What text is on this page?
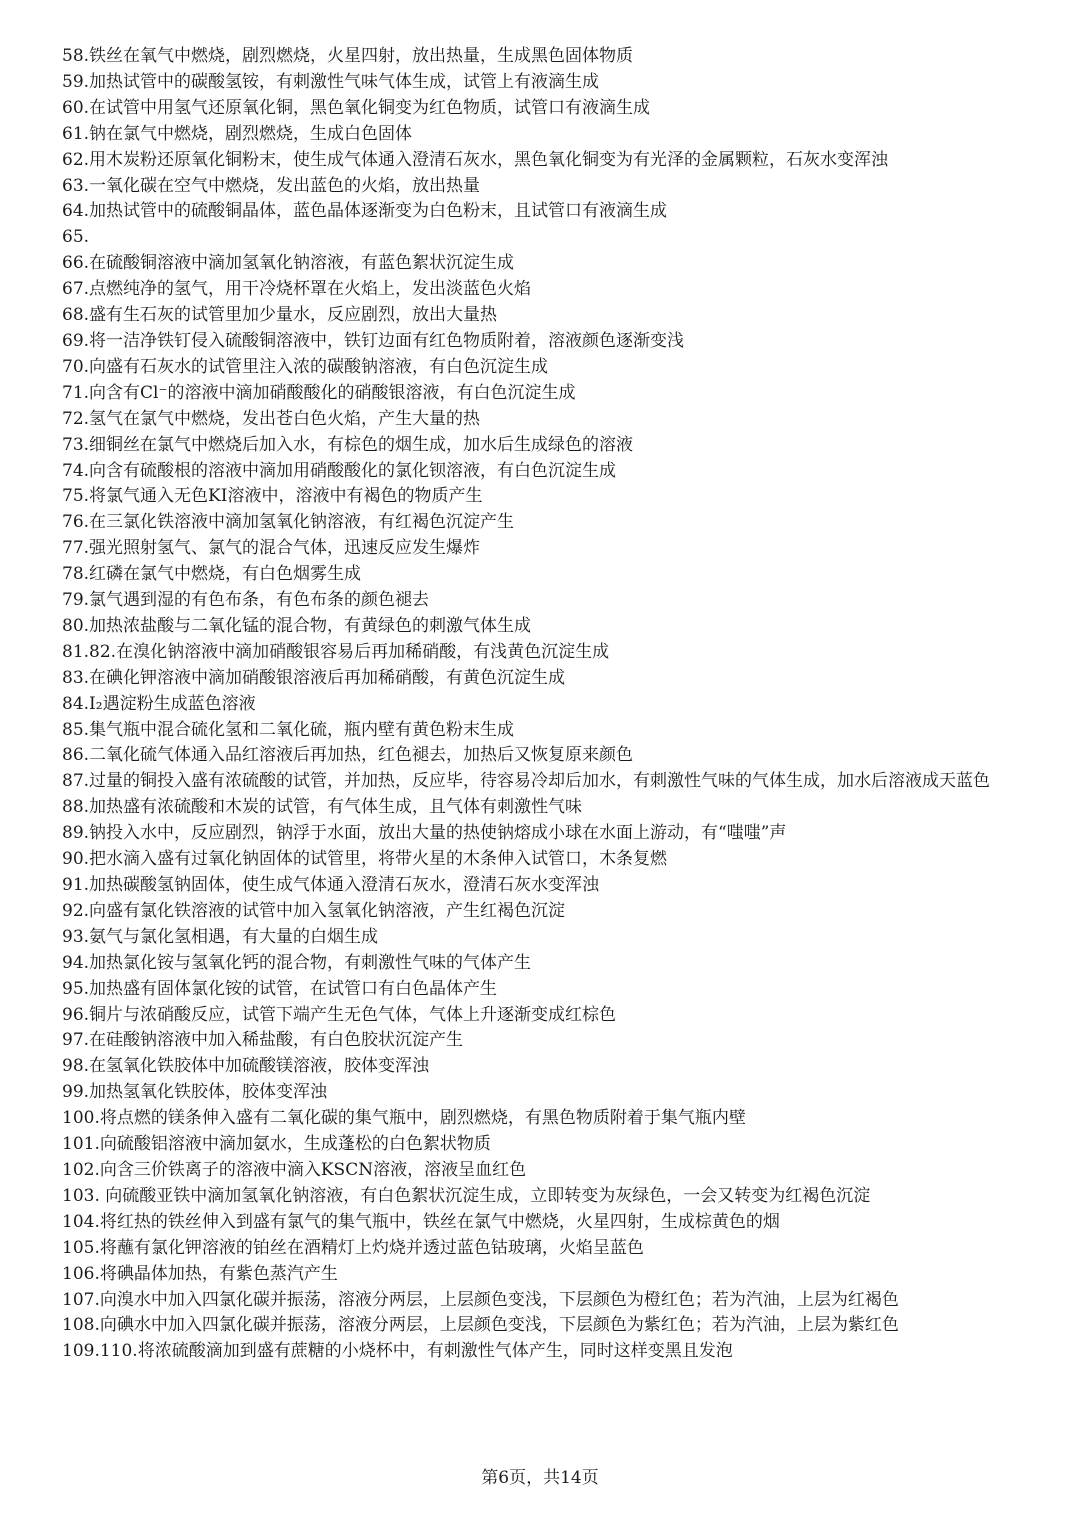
58.铁丝在氧气中燃烧，剧烈燃烧，火星四射，放出热量，生成黑色固体物质
59.加热试管中的碳酸氢铵，有刺激性气味气体生成，试管上有液滴生成
60.在试管中用氢气还原氧化铜，黑色氧化铜变为红色物质，试管口有液滴生成
61.钠在氯气中燃烧，剧烈燃烧，生成白色固体
62.用木炭粉还原氧化铜粉末，使生成气体通入澄清石灰水，黑色氧化铜变为有光泽的金属颗粒，石灰水变浑浊
63.一氧化碳在空气中燃烧，发出蓝色的火焰，放出热量
64.加热试管中的硫酸铜晶体，蓝色晶体逐渐变为白色粉末，且试管口有液滴生成
65.
66.在硫酸铜溶液中滴加氢氧化钠溶液，有蓝色絮状沉淀生成
67.点燃纯净的氢气，用干冷烧杯罩在火焰上，发出淡蓝色火焰
68.盛有生石灰的试管里加少量水，反应剧烈，放出大量热
69.将一洁净铁钉侵入硫酸铜溶液中，铁钉边面有红色物质附着，溶液颜色逐渐变浅
70.向盛有石灰水的试管里注入浓的碳酸钠溶液，有白色沉淀生成
71.向含有Cl⁻的溶液中滴加硝酸酸化的硝酸银溶液，有白色沉淀生成
72.氢气在氯气中燃烧，发出苍白色火焰，产生大量的热
73.细铜丝在氯气中燃烧后加入水，有棕色的烟生成，加水后生成绿色的溶液
74.向含有硫酸根的溶液中滴加用硝酸酸化的氯化钡溶液，有白色沉淀生成
75.将氯气通入无色KI溶液中，溶液中有褐色的物质产生
76.在三氯化铁溶液中滴加氢氧化钠溶液，有红褐色沉淀产生
77.强光照射氢气、氯气的混合气体，迅速反应发生爆炸
78.红磷在氯气中燃烧，有白色烟雾生成
79.氯气遇到湿的有色布条，有色布条的颜色褪去
80.加热浓盐酸与二氧化锰的混合物，有黄绿色的刺激气体生成
81.82.在溴化钠溶液中滴加硝酸银容易后再加稀硝酸，有浅黄色沉淀生成
83.在碘化钾溶液中滴加硝酸银溶液后再加稀硝酸，有黄色沉淀生成
84.I₂遇淀粉生成蓝色溶液
85.集气瓶中混合硫化氢和二氧化硫，瓶内壁有黄色粉末生成
86.二氧化硫气体通入品红溶液后再加热，红色褪去，加热后又恢复原来颜色
87.过量的铜投入盛有浓硫酸的试管，并加热，反应毕，待容易冷却后加水，有刺激性气味的气体生成，加水后溶液成天蓝色
88.加热盛有浓硫酸和木炭的试管，有气体生成，且气体有刺激性气味
89.钠投入水中，反应剧烈，钠浮于水面，放出大量的热使钠熔成小球在水面上游动，有“嗤嗤”声
90.把水滴入盛有过氧化钠固体的试管里，将带火星的木条伸入试管口，木条复燃
91.加热碳酸氢钠固体，使生成气体通入澄清石灰水，澄清石灰水变浑浊
92.向盛有氯化铁溶液的试管中加入氢氧化钠溶液，产生红褐色沉淀
93.氨气与氯化氢相遇，有大量的白烟生成
94.加热氯化铵与氢氧化钙的混合物，有刺激性气味的气体产生
95.加热盛有固体氯化铵的试管，在试管口有白色晶体产生
96.铜片与浓硝酸反应，试管下端产生无色气体，气体上升逐渐变成红棕色
97.在硅酸钠溶液中加入稀盐酸，有白色胶状沉淀产生
98.在氢氧化铁胶体中加硫酸镁溶液，胶体变浑浊
99.加热氢氧化铁胶体，胶体变浑浊
100.将点燃的镁条伸入盛有二氧化碳的集气瓶中，剧烈燃烧，有黑色物质附着于集气瓶内壁
101.向硫酸铝溶液中滴加氨水，生成蓬松的白色絮状物质
102.向含三价铁离子的溶液中滴入KSCN溶液，溶液呈血红色
103. 向硫酸亚铁中滴加氢氧化钠溶液，有白色絮状沉淀生成，立即转变为灰绿色，一会又转变为红褐色沉淀
104.将红热的铁丝伸入到盛有氯气的集气瓶中，铁丝在氯气中燃烧，火星四射，生成棕黄色的烟
105.将蘸有氯化钾溶液的铂丝在酒精灯上灼烧并透过蓝色钴玻璃，火焰呈蓝色
106.将碘晶体加热，有紫色蒸汽产生
107.向溴水中加入四氯化碳并振荡，溶液分两层，上层颜色变浅，下层颜色为橙红色；若为汽油，上层为红褐色
108.向碘水中加入四氯化碳并振荡，溶液分两层，上层颜色变浅，下层颜色为紫红色；若为汽油，上层为紫红色
109.110.将浓硫酸滴加到盛有蔗糖的小烧杯中，有刺激性气体产生，同时这样变黑且发泡
第6页，共14页
